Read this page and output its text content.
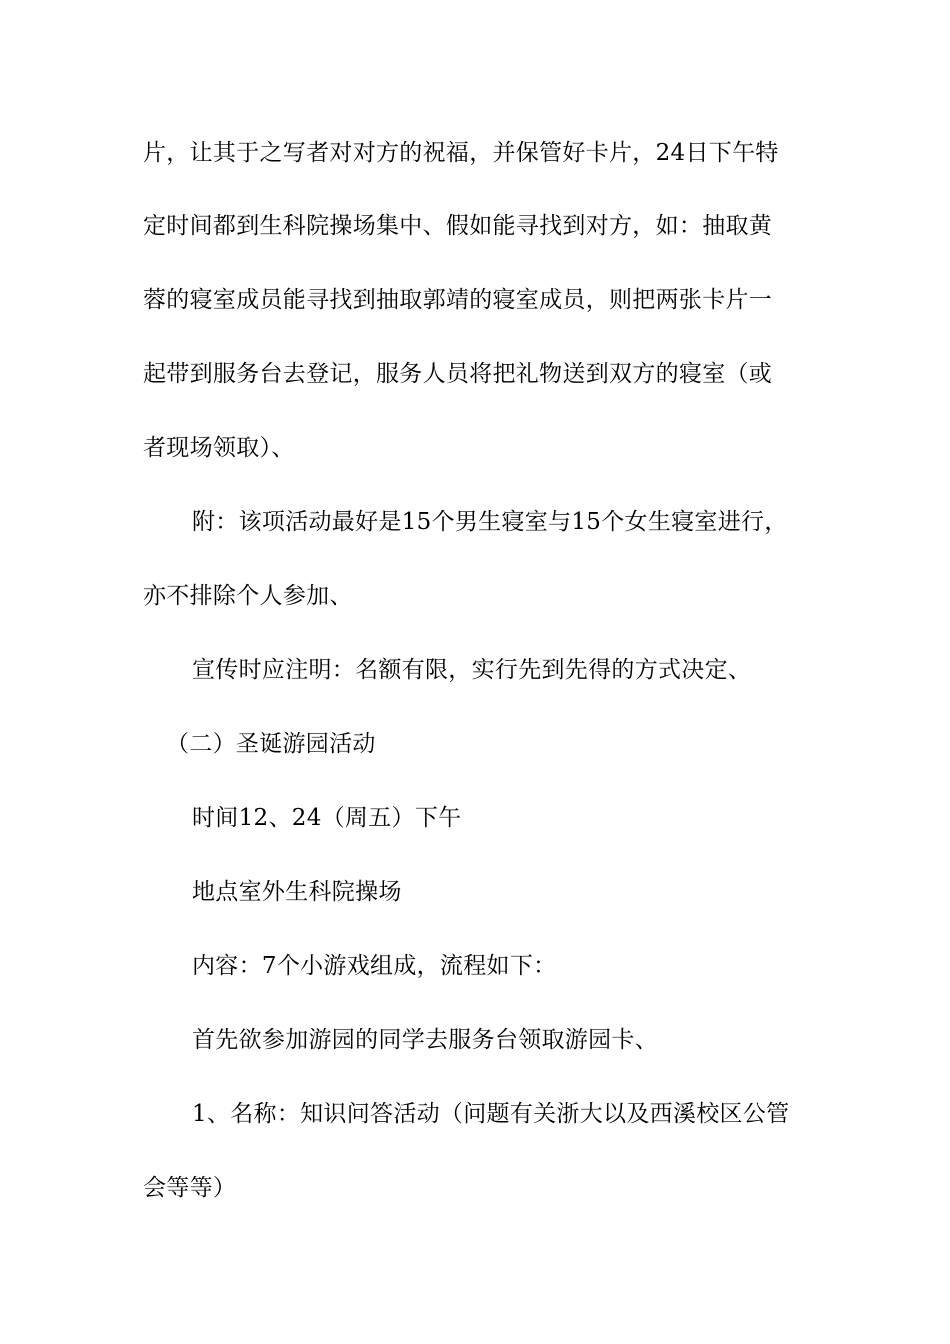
片，让其于之写者对对方的祝福，并保管好卡片，24日下午特
定时间都到生科院操场集中、假如能寻找到对方，如：抽取黄
蓉的寝室成员能寻找到抽取郭靖的寝室成员，则把两张卡片一
起带到服务台去登记，服务人员将把礼物送到双方的寝室（或
者现场领取）、
附：该项活动最好是15个男生寝室与15个女生寝室进行，
亦不排除个人参加、
宣传时应注明：名额有限，实行先到先得的方式决定、
（二）圣诞游园活动
时间12、24（周五）下午
地点室外生科院操场
内容：7个小游戏组成，流程如下：
首先欲参加游园的同学去服务台领取游园卡、
1、名称：知识问答活动（问题有关浙大以及西溪校区公管
会等等）
